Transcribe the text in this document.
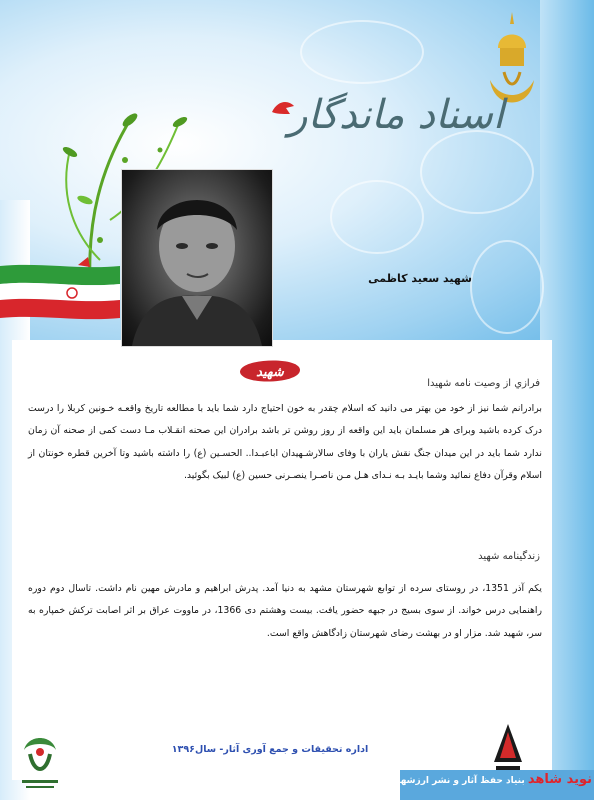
اسناد ماندگار
شهید سعید کاظمی
شهید
فرازي از وصيت نامه شهيدا
برادرانم شما نیز از خود من بهتر می دانید که اسلام چقدر به خون احتیاج دارد شما باید با مطالعه تاریخ واقعـه خـونین کربلا را درست درک کرده باشید وبرای هر مسلمان باید این واقعه از روز روشن تر باشد برادران این صحنه انقـلاب مـا دست کمی از صحنه آن زمان ندارد شما باید در این میدان جنگ نقش یاران با وفای سالارشـهیدان اباعبـدا.. الحسـین (ع) را داشته باشید وتا آخرین قطره خونتان از اسلام وقرآن دفاع نمائید وشما بایـد بـه نـدای هـل مـن ناصـرا ینصـرنی حسین (ع) لبیک بگوئید.
زندگینامه شهید
یکم آذر 1351، در روستای سرده از توابع شهرستان مشهد به دنیا آمد. پدرش ابراهیم و مادرش مهین نام داشت. تاسال دوم دوره راهنمایی درس خواند. از سوی بسیج در جبهه حضور یافت. بیست وهشتم دی 1366، در ماووت عراق بر اثر اصابت ترکش خمپاره به سر، شهید شد. مزار او در بهشت رضای شهرستان زادگاهش واقع است.
اداره تحقیقات و جمع آوری آثار- سال۱۳۹۶
نوید شاهد بنیاد حفظ آثار و نشر ارزشهای دفاع مقدس خراسان رضوی
